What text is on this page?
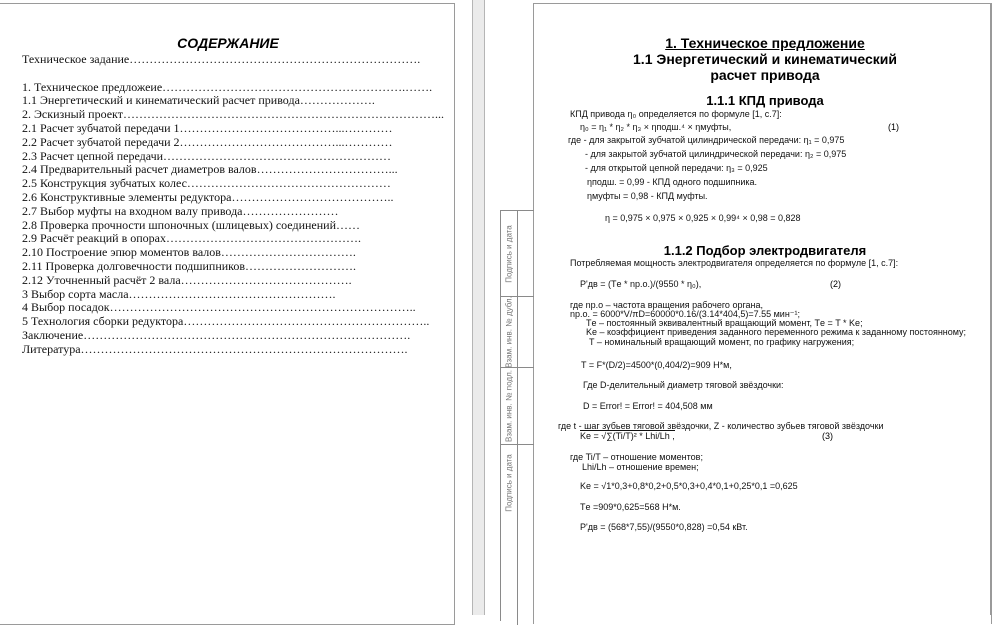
СОДЕРЖАНИЕ
Техническое задание……………………………………………………………….

1. Техническое предложеие…………………………………………………….…….
1.1 Энергетический и кинематический расчет привода……………….
2. Эскизный проект……………………………………………………………………...
2.1 Расчет зубчатой передачи 1…………………………………...…………
2.2 Расчет зубчатой передачи 2…………………………………...…………
2.3 Расчет цепной передачи…………………………………………………
2.4 Предварительный расчет диаметров валов……………………………...
2.5 Конструкция зубчатых колес……………………………………………
2.6 Конструктивные элементы редуктора…………………………………..
2.7 Выбор муфты на входном валу привода……………………
2.8 Проверка прочности шпоночных (шлицевых) соединений……
2.9 Расчёт реакций в опорах………………………………………….
2.10 Построение эпюр моментов валов…………………………….
2.11 Проверка долговечности подшипников……………………….
2.12 Уточненный расчёт 2 вала…………………………………….
3 Выбор сорта масла…………………………………………….
4 Выбор посадок…………………………………………………………………..
5 Технология сборки редуктора……………………………………………………..
Заключение……………………………………………………………………….
Литература……………………………………………………………………….
Подпись и дата
Взам. инв. № дубл.
Взам. инв. № подл.
Подпись и дата
1. Техническое предложение
1.1 Энергетический и кинематический
расчет привода
1.1.1 КПД привода
КПД привода η₀ определяется по формуле [1, с.7]:
η₀ = η₁ * η₂ * η₃ × ηподш.⁴ × ηмуфты,	(1)
где - для закрытой зубчатой цилиндрической передачи: η₁ = 0,975
- для закрытой зубчатой цилиндрической передачи: η₂ = 0,975
- для открытой цепной передачи: η₃ = 0,925
ηподш. = 0,99 - КПД одного подшипника.
ηмуфты = 0,98 - КПД муфты.
η = 0,975 × 0,975 × 0,925 × 0,99⁴ × 0,98 = 0,828
1.1.2 Подбор электродвигателя
Потребляемая мощность электродвигателя определяется по формуле [1, с.7]:
P'дв = (Tе * nр.о.)/(9550 * η₀),	(2)
где nр.о – частота вращения рабочего органа,
nр.о. = 6000*V/πD=60000*0.16/(3.14*404,5)=7.55 мин⁻¹;
Tе – постоянный эквивалентный вращающий момент, Tе = T * Kе;
Kе – коэффициент приведения заданного переменного режима к заданному постоянному;
T – номинальный вращающий момент, по графику нагружения;
T = F*(D/2)=4500*(0,404/2)=909 Н*м,
Где D-делительный диаметр тяговой звёздочки:
D = Error! = Error! = 404,508 мм
где t - шаг зубьев тяговой звёздочки, Z - количество зубьев тяговой звёздочки
Kе = √∑(Ti/T)² * Lhi/Lh ,	(3)
где Ti/T – отношение моментов;
Lhi/Lh – отношение времен;
Kе = √1*0,3+0,8*0,2+0,5*0,3+0,4*0,1+0,25*0,1 =0,625
Tе =909*0,625=568 Н*м.
P'дв = (568*7,55)/(9550*0,828) =0,54 кВт.
